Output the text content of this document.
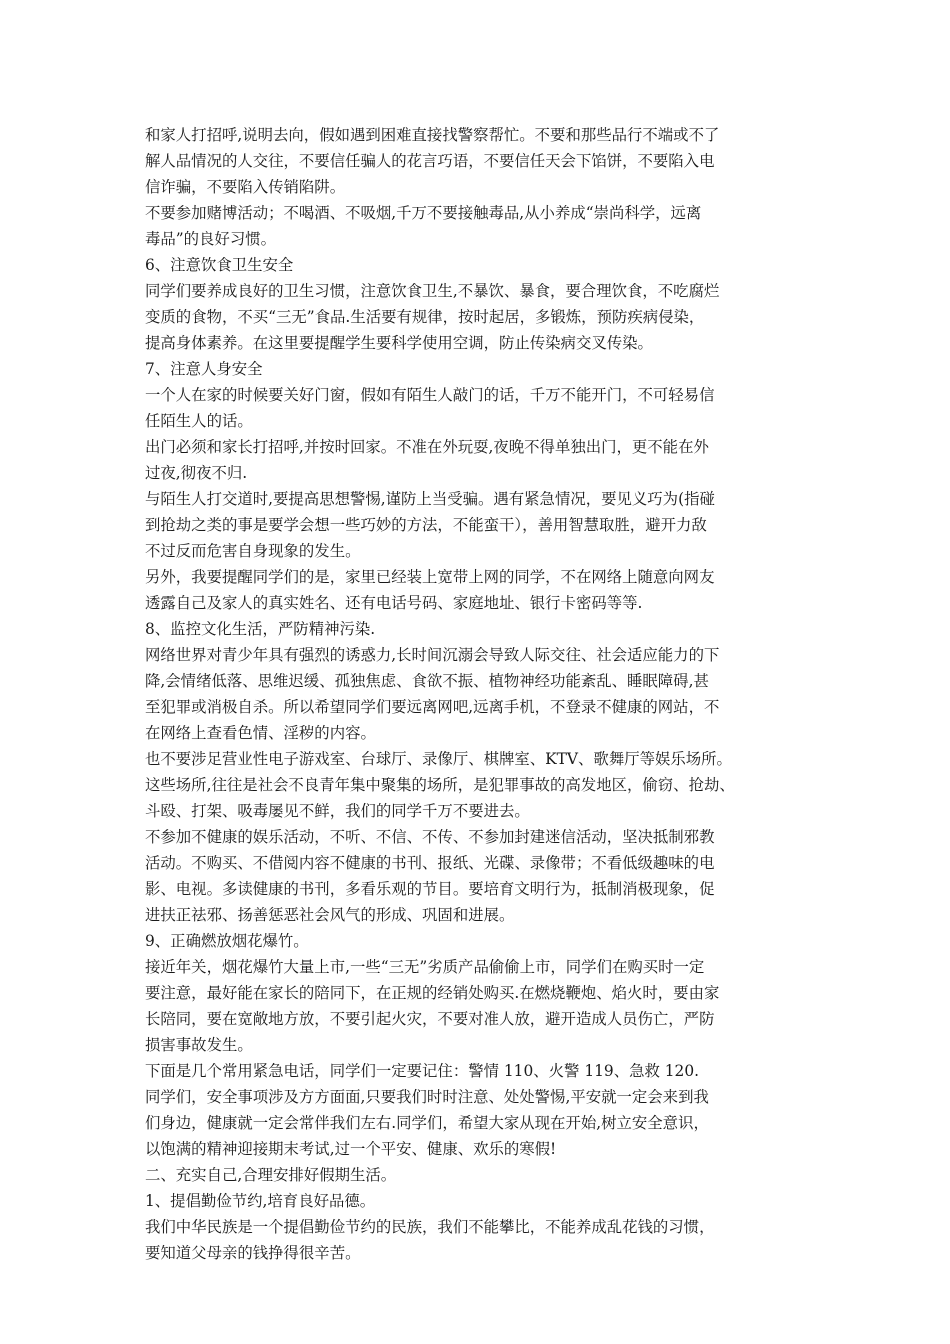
和家人打招呼,说明去向，假如遇到困难直接找警察帮忙。不要和那些品行不端或不了
解人品情况的人交往，不要信任骗人的花言巧语，不要信任天会下馅饼，不要陷入电
信诈骗，不要陷入传销陷阱。
不要参加赌博活动；不喝酒、不吸烟,千万不要接触毒品,从小养成“崇尚科学，远离
毒品”的良好习惯。
6、注意饮食卫生安全
同学们要养成良好的卫生习惯，注意饮食卫生,不暴饮、暴食，要合理饮食，不吃腐烂
变质的食物，不买“三无”食品.生活要有规律，按时起居，多锻炼，预防疾病侵染，
提高身体素养。在这里要提醒学生要科学使用空调，防止传染病交叉传染。
7、注意人身安全
一个人在家的时候要关好门窗，假如有陌生人敲门的话，千万不能开门，不可轻易信
任陌生人的话。
出门必须和家长打招呼,并按时回家。不准在外玩耍,夜晚不得单独出门，更不能在外
过夜,彻夜不归.
与陌生人打交道时,要提高思想警惕,谨防上当受骗。遇有紧急情况，要见义巧为(指碰
到抢劫之类的事是要学会想一些巧妙的方法，不能蛮干），善用智慧取胜，避开力敌
不过反而危害自身现象的发生。
另外，我要提醒同学们的是，家里已经装上宽带上网的同学，不在网络上随意向网友
透露自己及家人的真实姓名、还有电话号码、家庭地址、银行卡密码等等.
8、监控文化生活，严防精神污染.
网络世界对青少年具有强烈的诱惑力,长时间沉溺会导致人际交往、社会适应能力的下
降,会情绪低落、思维迟缓、孤独焦虑、食欲不振、植物神经功能紊乱、睡眠障碍,甚
至犯罪或消极自杀。所以希望同学们要远离网吧,远离手机，不登录不健康的网站，不
在网络上查看色情、淫秽的内容。
也不要涉足营业性电子游戏室、台球厅、录像厅、棋牌室、KTV、歌舞厅等娱乐场所。
这些场所,往往是社会不良青年集中聚集的场所，是犯罪事故的高发地区，偷窃、抢劫、
斗殴、打架、吸毒屡见不鲜，我们的同学千万不要进去。
不参加不健康的娱乐活动，不听、不信、不传、不参加封建迷信活动，坚决抵制邪教
活动。不购买、不借阅内容不健康的书刊、报纸、光碟、录像带；不看低级趣味的电
影、电视。多读健康的书刊，多看乐观的节目。要培育文明行为，抵制消极现象，促
进扶正祛邪、扬善惩恶社会风气的形成、巩固和进展。
9、正确燃放烟花爆竹。
接近年关，烟花爆竹大量上市,一些“三无”劣质产品偷偷上市，同学们在购买时一定
要注意，最好能在家长的陪同下，在正规的经销处购买.在燃烧鞭炮、焰火时，要由家
长陪同，要在宽敞地方放，不要引起火灾，不要对准人放，避开造成人员伤亡，严防
损害事故发生。
下面是几个常用紧急电话，同学们一定要记住：警情 110、火警 119、急救 120.
同学们，安全事项涉及方方面面,只要我们时时注意、处处警惕,平安就一定会来到我
们身边，健康就一定会常伴我们左右.同学们，希望大家从现在开始,树立安全意识，
以饱满的精神迎接期末考试,过一个平安、健康、欢乐的寒假!
二、充实自己,合理安排好假期生活。
1、提倡勤俭节约,培育良好品德。
我们中华民族是一个提倡勤俭节约的民族，我们不能攀比，不能养成乱花钱的习惯，
要知道父母亲的钱挣得很辛苦。
